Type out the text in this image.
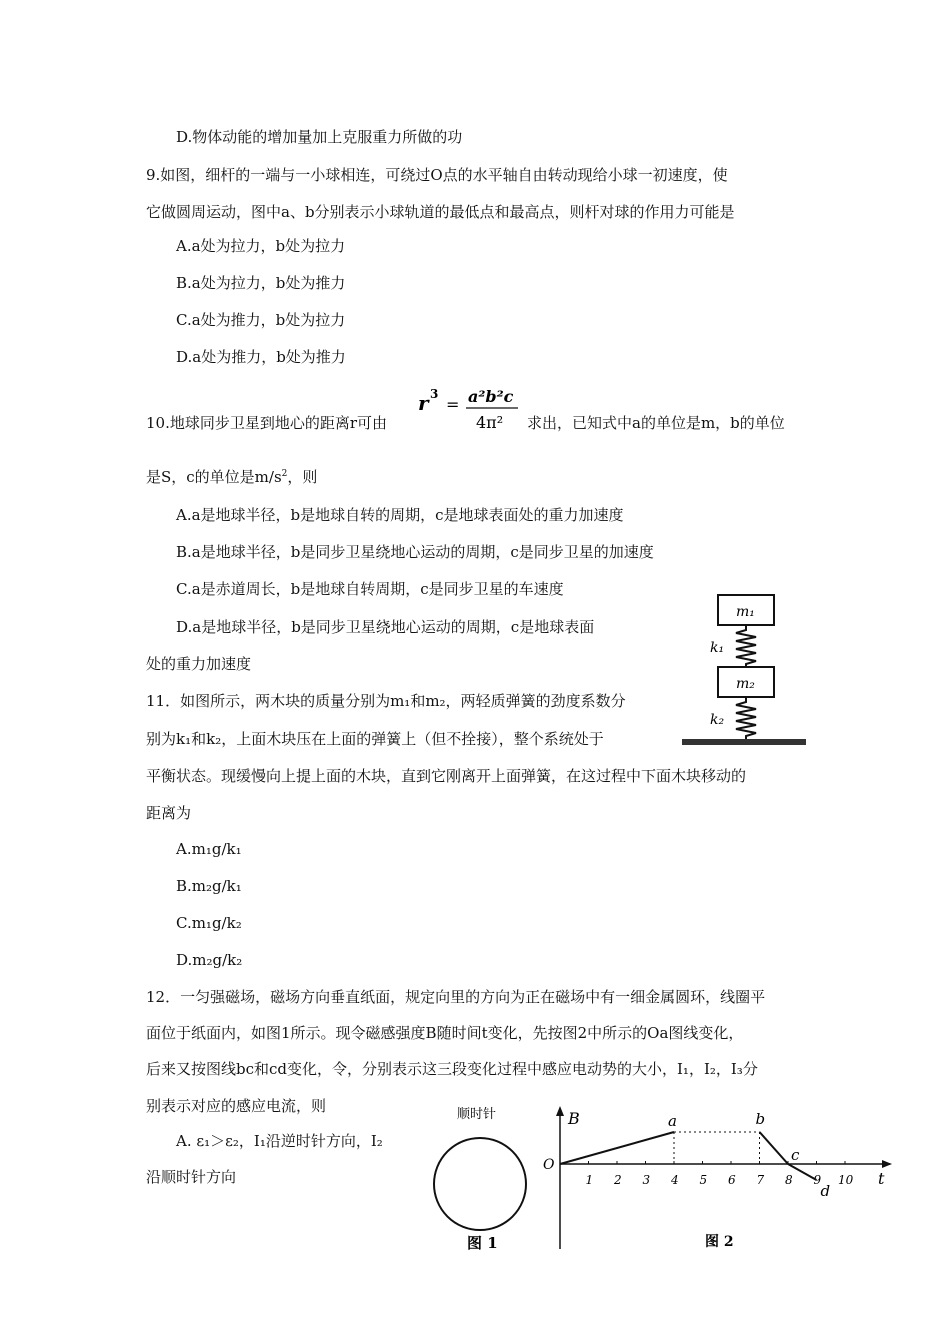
D.物体动能的增加量加上克服重力所做的功
9.如图，细杆的一端与一小球相连，可绕过O点的水平轴自由转动现给小球一初速度，使
它做圆周运动，图中a、b分别表示小球轨道的最低点和最高点，则杆对球的作用力可能是
A.a处为拉力，b处为拉力
B.a处为拉力，b处为推力
C.a处为推力，b处为拉力
D.a处为推力，b处为推力
10.地球同步卫星到地心的距离r可由
r 3
= a²b²c
4π² 求出，已知式中a的单位是m，b的单位
是S，c的单位是$m/s^2$，则
A.a是地球半径，b是地球自转的周期，c是地球表面处的重力加速度
B.a是地球半径，b是同步卫星绕地心运动的周期，c是同步卫星的加速度
C.a是赤道周长，b是地球自转周期，c是同步卫星的车速度
D.a是地球半径，b是同步卫星绕地心运动的周期，c是地球表面
处的重力加速度
m₁
k₁
m₂
k₂
11．如图所示，两木块的质量分别为m₁和m₂，两轻质弹簧的劲度系数分
别为k₁和k₂，上面木块压在上面的弹簧上（但不拴接），整个系统处于
平衡状态。现缓慢向上提上面的木块，直到它刚离开上面弹簧，在这过程中下面木块移动的
距离为
A.m₁g/k₁
B.m₂g/k₁
C.m₁g/k₂
D.m₂g/k₂
12．一匀强磁场，磁场方向垂直纸面，规定向里的方向为正在磁场中有一细金属圆环，线圈平
面位于纸面内，如图1所示。现令磁感强度B随时间t变化，先按图2中所示的Oa图线变化，
后来又按图线bc和cd变化，令，分别表示这三段变化过程中感应电动势的大小，I₁，I₂，I₃分
别表示对应的感应电流，则
A. ε₁＞ε₂，I₁沿逆时针方向，I₂
沿顺时针方向
顺时针
图 1
B
t
O
1 2 3 4 5 6 7 8 9 10
a	b
c
d
图 2
